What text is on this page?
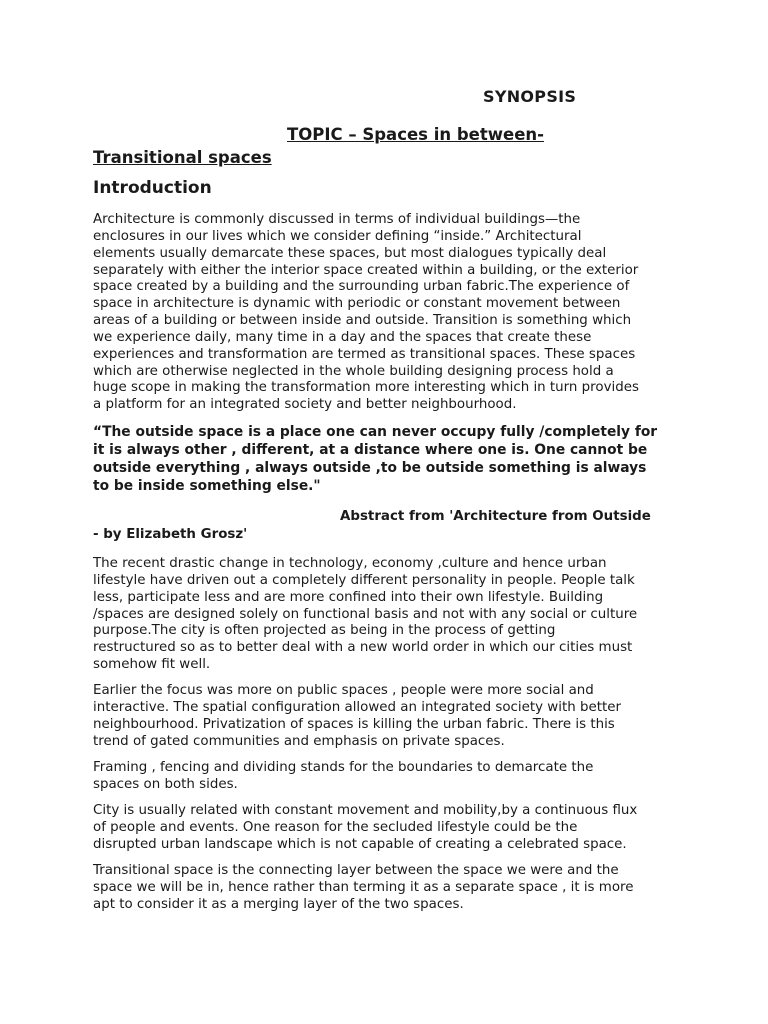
SYNOPSIS
TOPIC – Spaces in between-
Transitional spaces
Introduction

Architecture is commonly discussed in terms of individual buildings—the
enclosures in our lives which we consider defining “inside.” Architectural
elements usually demarcate these spaces, but most dialogues typically deal
separately with either the interior space created within a building, or the exterior
space created by a building and the surrounding urban fabric.The experience of
space in architecture is dynamic with periodic or constant movement between
areas of a building or between inside and outside. Transition is something which
we experience daily, many time in a day and the spaces that create these
experiences and transformation are termed as transitional spaces. These spaces
which are otherwise neglected in the whole building designing process hold a
huge scope in making the transformation more interesting which in turn provides
a platform for an integrated society and better neighbourhood.

“The outside space is a place one can never occupy fully /completely for
it is always other , different, at a distance where one is. One cannot be
outside everything , always outside ,to be outside something is always
to be inside something else."

Abstract from 'Architecture from Outside
- by Elizabeth Grosz'

The recent drastic change in technology, economy ,culture and hence urban
lifestyle have driven out a completely different personality in people. People talk
less, participate less and are more confined into their own lifestyle. Building
/spaces are designed solely on functional basis and not with any social or culture
purpose.The city is often projected as being in the process of getting
restructured so as to better deal with a new world order in which our cities must
somehow fit well.

Earlier the focus was more on public spaces , people were more social and
interactive. The spatial configuration allowed an integrated society with better
neighbourhood. Privatization of spaces is killing the urban fabric. There is this
trend of gated communities and emphasis on private spaces.

Framing , fencing and dividing stands for the boundaries to demarcate the
spaces on both sides.

City is usually related with constant movement and mobility,by a continuous flux
of people and events. One reason for the secluded lifestyle could be the
disrupted urban landscape which is not capable of creating a celebrated space.

Transitional space is the connecting layer between the space we were and the
space we will be in, hence rather than terming it as a separate space , it is more
apt to consider it as a merging layer of the two spaces.
